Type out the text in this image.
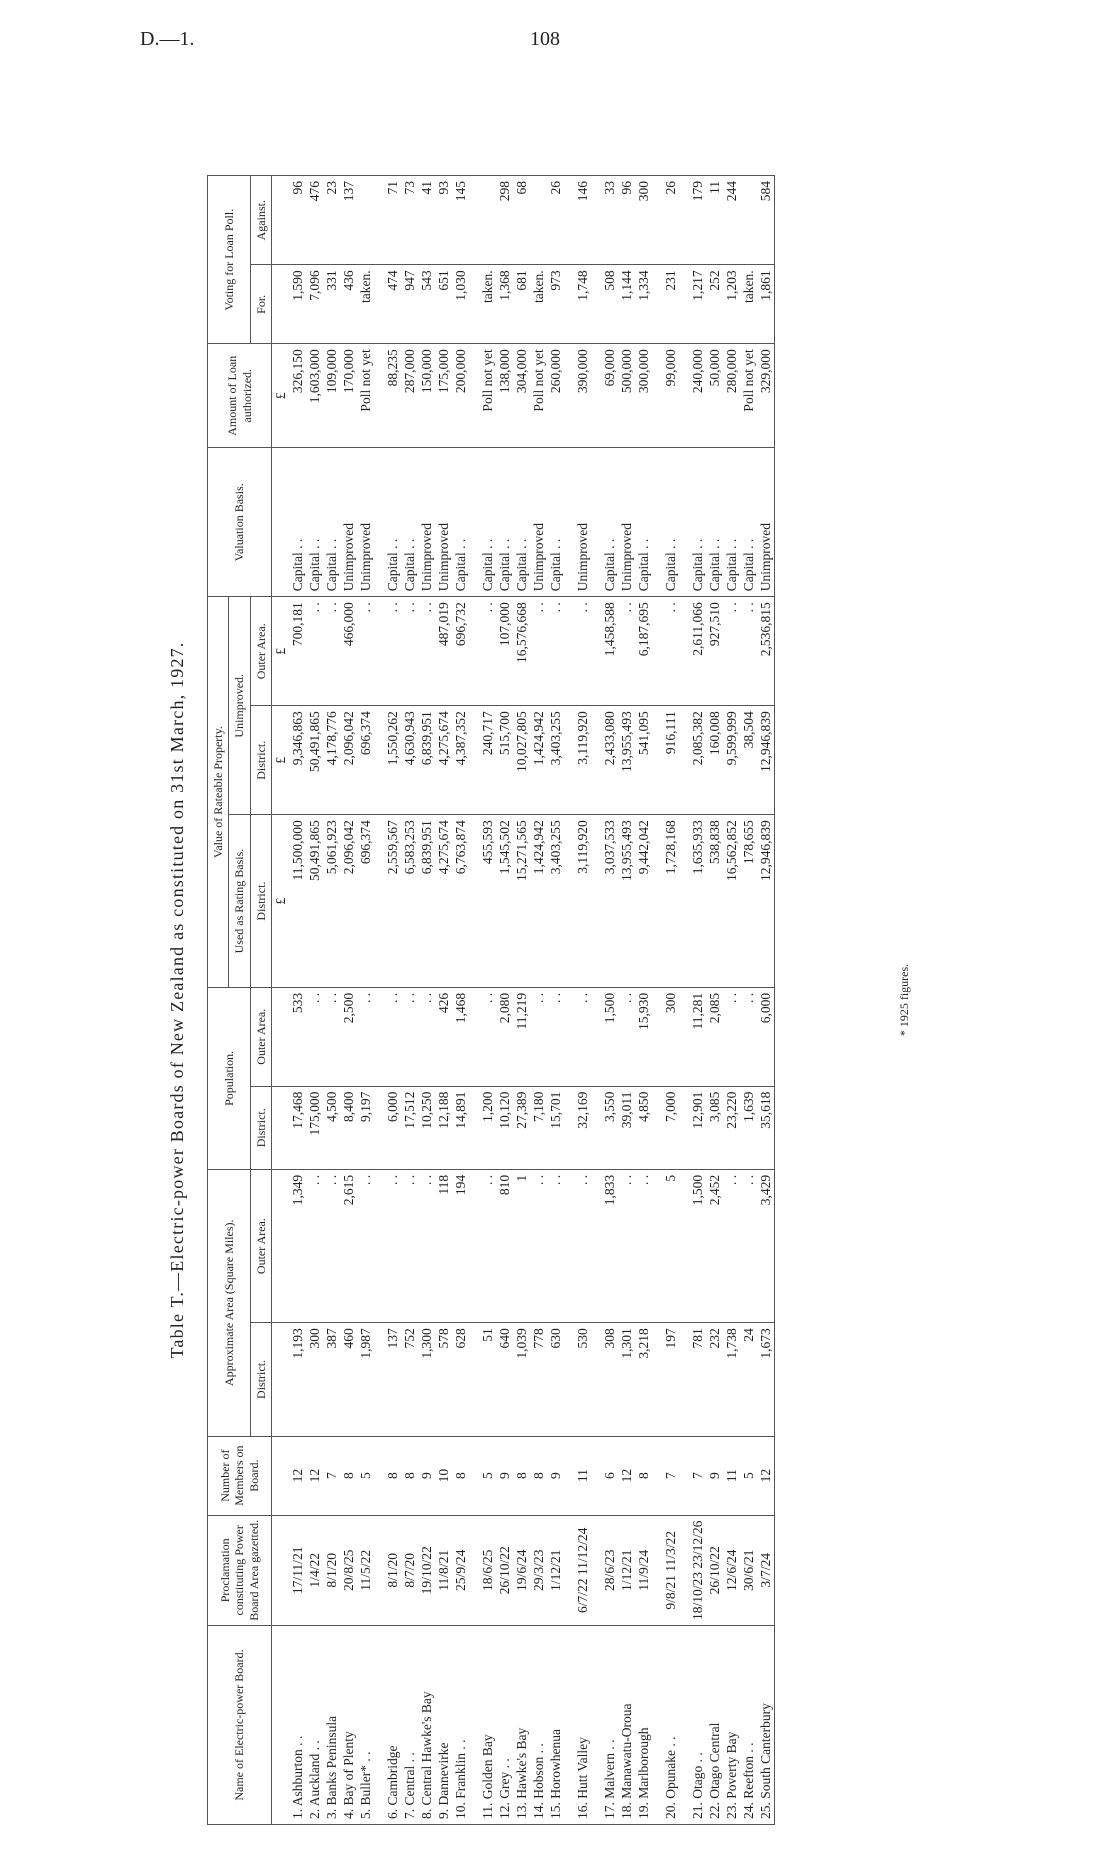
D.—1.	108
Table T.—Electric-power Boards of New Zealand as constituted on 31st March, 1927.
Name of Electric-power Board.	Proclamation constituting Power Board Area gazetted.	Number of Members on Board.	Approximate Area (Square Miles).		Population.		Value of Rateable Property.			Valuation Basis.	Amount of Loan authorized.	Voting for Loan Poll.	
							Used as Rating Basis.	Unimproved.					
			District.	Outer Area.	District.	Outer Area.	District.	District.	Outer Area.			For.	Against.
							£	£	£		£		
1. Ashburton . .	17/11/21	12	1,193	1,349	17,468	533	11,500,000	9,346,863	700,181	Capital . .	326,150	1,590	96
2. Auckland . .	1/4/22	12	300	. .	175,000	. .	50,491,865	50,491,865	. .	Capital . .	1,603,000	7,096	476
3. Banks Peninsula	8/1/20	7	387	. .	4,500	. .	5,061,923	4,178,776	. .	Capital . .	109,000	331	23
4. Bay of Plenty	20/8/25	8	460	2,615	8,400	2,500	2,096,042	2,096,042	466,000	Unimproved	170,000	436	137
5. Buller* . .	11/5/22	5	1,987	. .	9,197	. .	696,374	696,374	. .	Unimproved	Poll not yet	taken.	
6. Cambridge	8/1/20	8	137	. .	6,000	. .	2,559,567	1,550,262	. .	Capital . .	88,235	474	71
7. Central . .	8/7/20	8	752	. .	17,512	. .	6,583,253	4,630,943	. .	Capital . .	287,000	947	73
8. Central Hawke's Bay	19/10/22	9	1,300	. .	10,250	. .	6,839,951	6,839,951	. .	Unimproved	150,000	543	41
9. Dannevirke	11/8/21	10	578	118	12,188	426	4,275,674	4,275,674	487,019	Unimproved	175,000	651	93
10. Franklin . .	25/9/24	8	628	194	14,891	1,468	6,763,874	4,387,352	696,732	Capital . .	200,000	1,030	145
11. Golden Bay	18/6/25	5	51	. .	1,200	. .	455,593	240,717	. .	Capital . .	Poll not yet	taken.	
12. Grey . .	26/10/22	9	640	810	10,120	2,080	1,545,502	515,700	107,000	Capital . .	138,000	1,368	298
13. Hawke's Bay	19/6/24	8	1,039	1	27,389	11,219	15,271,565	10,027,805	16,576,668	Capital . .	304,000	681	68
14. Hobson . .	29/3/23	8	778	. .	7,180	. .	1,424,942	1,424,942	. .	Unimproved	Poll not yet	taken.	
15. Horowhenua	1/12/21	9	630	. .	15,701	. .	3,403,255	3,403,255	. .	Capital . .	260,000	973	26
16. Hutt Valley	6/7/22 11/12/24	11	530	. .	32,169	. .	3,119,920	3,119,920	. .	Unimproved	390,000	1,748	146
17. Malvern . .	28/6/23	6	308	1,833	3,550	1,500	3,037,533	2,433,080	1,458,588	Capital . .	69,000	508	33
18. Manawatu-Oroua	1/12/21	12	1,301	. .	39,011	. .	13,955,493	13,955,493	. .	Unimproved	500,000	1,144	96
19. Marlborough	11/9/24	8	3,218	. .	4,850	15,930	9,442,042	541,095	6,187,695	Capital . .	300,000	1,334	300
20. Opunake . .	9/8/21 11/3/22	7	197	5	7,000	300	1,728,168	916,111	. .	Capital . .	99,000	231	26
21. Otago . .	18/10/23 23/12/26	7	781	1,500	12,901	11,281	1,635,933	2,085,382	2,611,066	Capital . .	240,000	1,217	179
22. Otago Central	26/10/22	9	232	2,452	3,085	2,085	538,838	160,008	927,510	Capital . .	50,000	252	11
23. Poverty Bay	12/6/24	11	1,738	. .	23,220	. .	16,562,852	9,599,999	. .	Capital . .	280,000	1,203	244
24. Reefton . .	30/6/21	5	24	. .	1,639	. .	178,655	38,504	. .	Capital . .	Poll not yet	taken.	
25. South Canterbury	3/7/24	12	1,673	3,429	35,618	6,000	12,946,839	12,946,839	2,536,815	Unimproved	329,000	1,861	584
* 1925 figures.
